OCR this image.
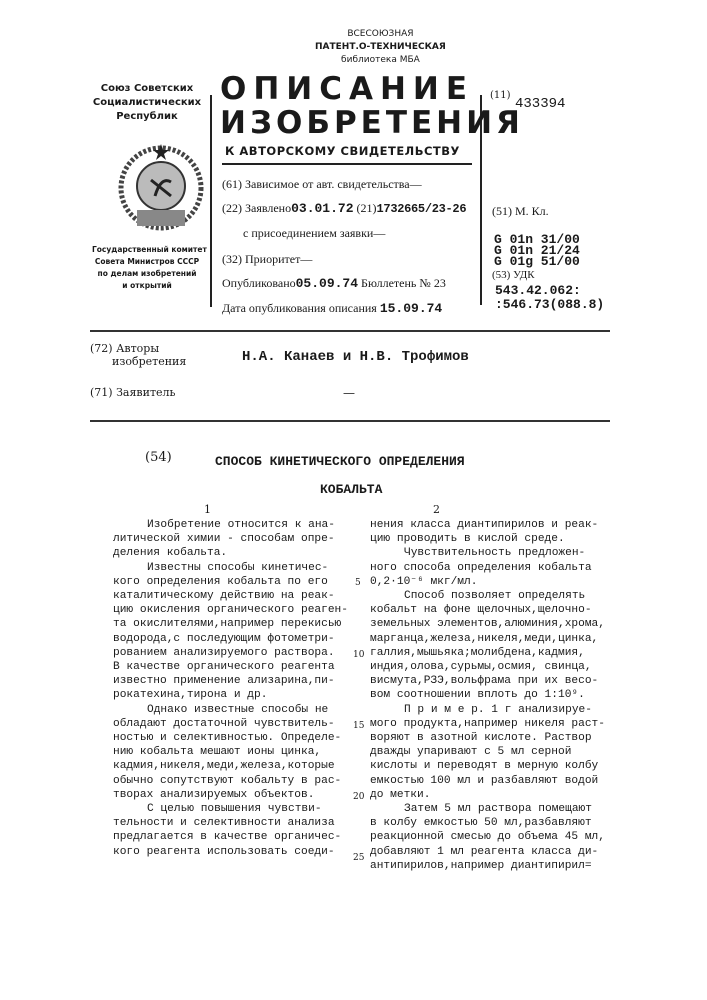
ВСЕСОЮЗНАЯ
ПАТЕНТ.О-ТЕХНИЧЕСКАЯ
библиотека МБА
Союз Советских
Социалистических
Республик
Государственный комитет
Совета Министров СССР
по делам изобретений
и открытий
ОПИСАНИЕ
ИЗОБРЕТЕНИЯ
К АВТОРСКОМУ СВИДЕТЕЛЬСТВУ
(11)
433394
(61) Зависимое от авт. свидетельства—
(22) Заявлено03.01.72 (21)1732665/23-26
с присоединением заявки—
(32) Приоритет—
Опубликовано05.09.74 Бюллетень № 23
Дата опубликования описания 15.09.74
(51) М. Кл.
G 01n 31/00
G 01n 21/24
G 01g 51/00
(53) УДК
543.42.062:
:546.73(088.8)
(72) Авторы
изобретения	Н.А. Канаев и Н.В. Трофимов
(71) Заявитель	—
(54)	СПОСОБ КИНЕТИЧЕСКОГО ОПРЕДЕЛЕНИЯ
КОБАЛЬТА
1	2
Изобретение относится к ана-
литической химии - способам опре-
деления кобальта.
Известны способы кинетичес-
кого определения кобальта по его
каталитическому действию на реак-
цию окисления органического реаген-
та окислителями,например перекисью
водорода,с последующим фотометри-
рованием анализируемого раствора.
В качестве органического реагента
известно применение ализарина,пи-
рокатехина,тирона и др.
Однако известные способы не
обладают достаточной чувствитель-
ностью и селективностью. Определе-
нию кобальта мешают ионы цинка,
кадмия,никеля,меди,железа,которые
обычно сопутствуют кобальту в рас-
творах анализируемых объектов.
С целью повышения чувстви-
тельности и селективности анализа
предлагается в качестве органичес-
кого реагента использовать соеди-
нения класса диантипирилов и реак-
цию проводить в кислой среде.
Чувствительность предложен-
ного способа определения кобальта
0,2·10⁻⁶ мкг/мл.
Способ позволяет определять
кобальт на фоне щелочных,щелочно-
земельных элементов,алюминия,хрома,
марганца,железа,никеля,меди,цинка,
галлия,мышьяка;молибдена,кадмия,
индия,олова,сурьмы,осмия, свинца,
висмута,РЗЭ,вольфрама при их весо-
вом соотношении вплоть до 1:10⁹.
П р и м е р. 1 г анализируе-
мого продукта,например никеля раст-
воряют в азотной кислоте. Раствор
дважды упаривают с 5 мл серной
кислоты и переводят в мерную колбу
емкостью 100 мл и разбавляют водой
до метки.
Затем 5 мл раствора помещают
в колбу емкостью 50 мл,разбавляют
реакционной смесью до объема 45 мл,
добавляют 1 мл реагента класса ди-
антипирилов,например диантипирил=
5
10
15
20
25
